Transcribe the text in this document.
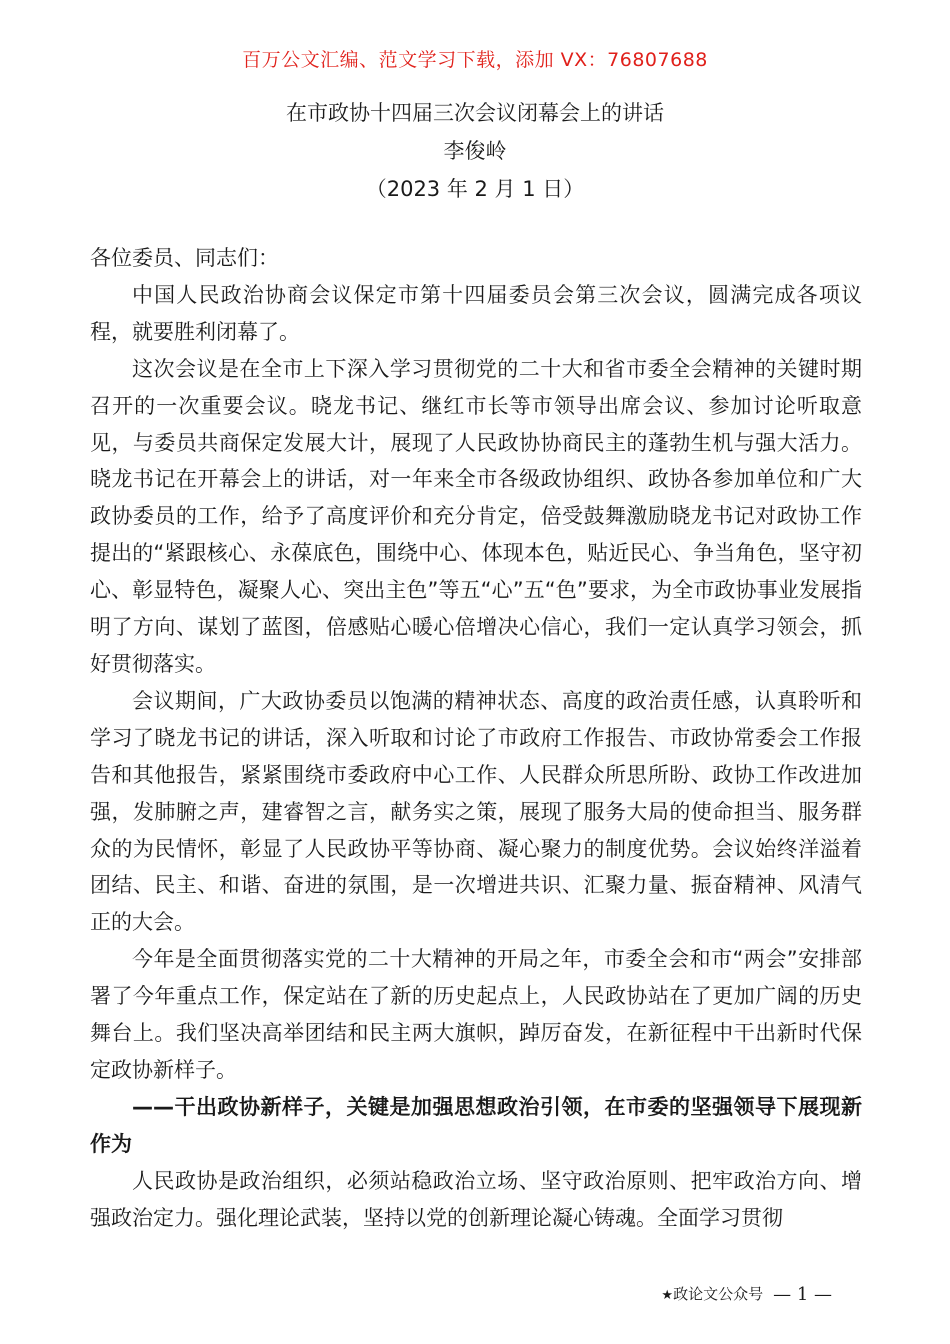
百万公文汇编、范文学习下载，添加 VX：76807688
在市政协十四届三次会议闭幕会上的讲话
李俊岭
（2023 年 2 月 1 日）

各位委员、同志们：

中国人民政治协商会议保定市第十四届委员会第三次会议，圆满完成各项议程，就要胜利闭幕了。

这次会议是在全市上下深入学习贯彻党的二十大和省市委全会精神的关键时期召开的一次重要会议。晓龙书记、继红市长等市领导出席会议、参加讨论听取意见，与委员共商保定发展大计，展现了人民政协协商民主的蓬勃生机与强大活力。晓龙书记在开幕会上的讲话，对一年来全市各级政协组织、政协各参加单位和广大政协委员的工作，给予了高度评价和充分肯定，倍受鼓舞激励晓龙书记对政协工作提出的“紧跟核心、永葆底色，围绕中心、体现本色，贴近民心、争当角色，坚守初心、彰显特色，凝聚人心、突出主色”等五“心”五“色”要求，为全市政协事业发展指明了方向、谋划了蓝图，倍感贴心暖心倍增决心信心，我们一定认真学习领会，抓好贯彻落实。

会议期间，广大政协委员以饱满的精神状态、高度的政治责任感，认真聆听和学习了晓龙书记的讲话，深入听取和讨论了市政府工作报告、市政协常委会工作报告和其他报告，紧紧围绕市委政府中心工作、人民群众所思所盼、政协工作改进加强，发肺腑之声，建睿智之言，献务实之策，展现了服务大局的使命担当、服务群众的为民情怀，彰显了人民政协平等协商、凝心聚力的制度优势。会议始终洋溢着团结、民主、和谐、奋进的氛围，是一次增进共识、汇聚力量、振奋精神、风清气正的大会。

今年是全面贯彻落实党的二十大精神的开局之年，市委全会和市“两会”安排部署了今年重点工作，保定站在了新的历史起点上，人民政协站在了更加广阔的历史舞台上。我们坚决高举团结和民主两大旗帜，踔厉奋发，在新征程中干出新时代保定政协新样子。

——干出政协新样子，关键是加强思想政治引领，在市委的坚强领导下展现新作为

人民政协是政治组织，必须站稳政治立场、坚守政治原则、把牢政治方向、增强政治定力。强化理论武装，坚持以党的创新理论凝心铸魂。全面学习贯彻

★政论文公众号 — 1 —
